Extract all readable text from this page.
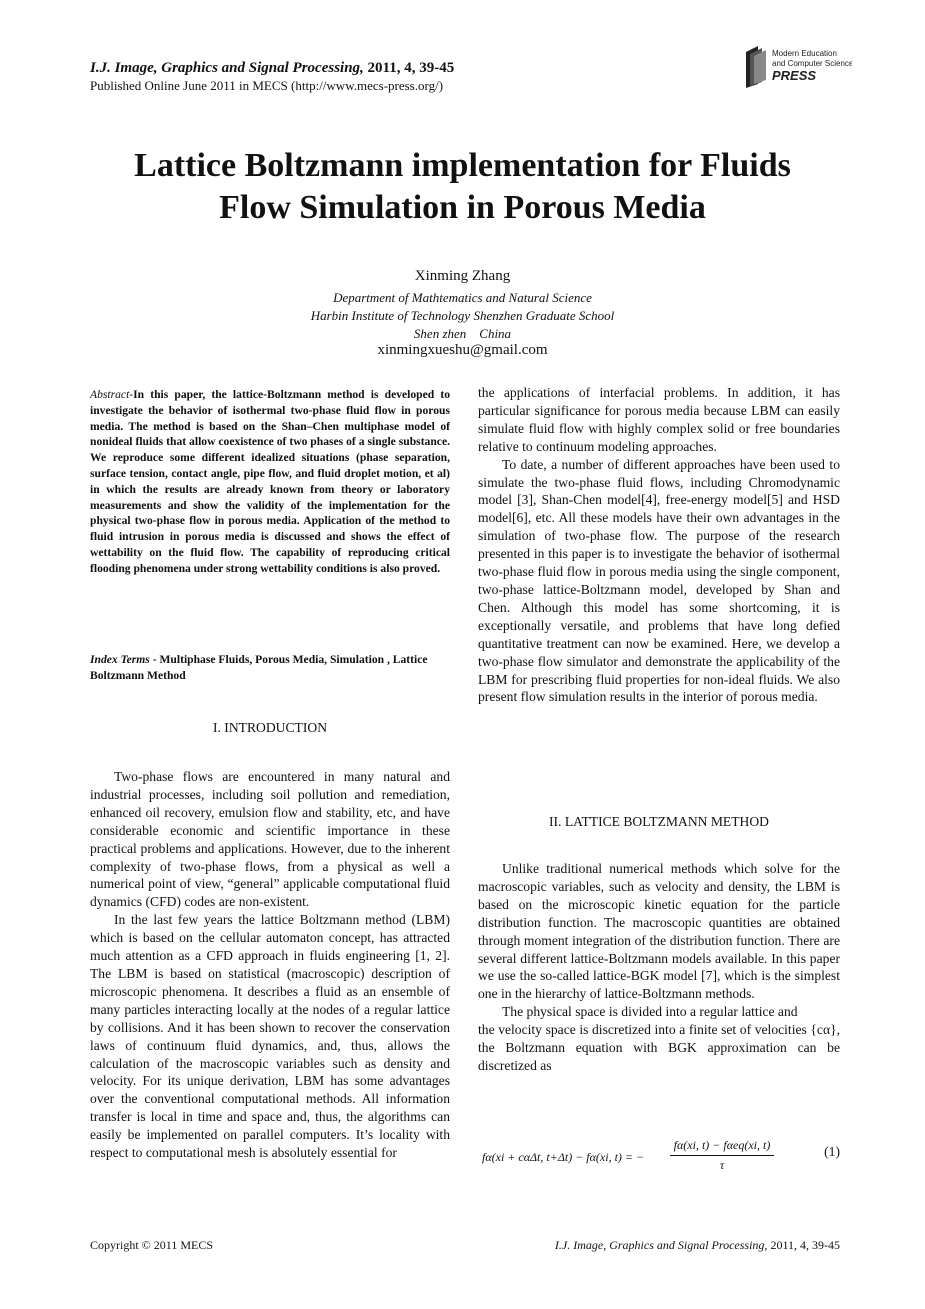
I.J. Image, Graphics and Signal Processing, 2011, 4, 39-45
Published Online June 2011 in MECS (http://www.mecs-press.org/)
Modern Education
and Computer Science
PRESS
Lattice Boltzmann implementation for Fluids
Flow Simulation in Porous Media
Xinming Zhang
Department of Mathtematics and Natural Science
Harbin Institute of Technology Shenzhen Graduate School
Shen zhen    China
xinmingxueshu@gmail.com
Abstract-In this paper, the lattice-Boltzmann method is developed to investigate the behavior of isothermal two-phase fluid flow in porous media. The method is based on the Shan–Chen multiphase model of nonideal fluids that allow coexistence of two phases of a single substance. We reproduce some different idealized situations (phase separation, surface tension, contact angle, pipe flow, and fluid droplet motion, et al) in which the results are already known from theory or laboratory measurements and show the validity of the implementation for the physical two-phase flow in porous media. Application of the method to fluid intrusion in porous media is discussed and shows the effect of wettability on the fluid flow. The capability of reproducing critical flooding phenomena under strong wettability conditions is also proved.
Index Terms - Multiphase Fluids, Porous Media, Simulation , Lattice Boltzmann Method
I. INTRODUCTION

Two-phase flows are encountered in many natural and industrial processes, including soil pollution and remediation, enhanced oil recovery, emulsion flow and stability, etc, and have considerable economic and scientific importance in these practical problems and applications. However, due to the inherent complexity of two-phase flows, from a physical as well a numerical point of view, “general” applicable computational fluid dynamics (CFD) codes are non-existent.

In the last few years the lattice Boltzmann method (LBM) which is based on the cellular automaton concept, has attracted much attention as a CFD approach in fluids engineering [1, 2]. The LBM is based on statistical (macroscopic) description of microscopic phenomena. It describes a fluid as an ensemble of many particles interacting locally at the nodes of a regular lattice by collisions. And it has been shown to recover the conservation laws of continuum fluid dynamics, and, thus, allows the calculation of the macroscopic variables such as density and velocity. For its unique derivation, LBM has some advantages over the conventional computational methods. All information transfer is local in time and space and, thus, the algorithms can easily be implemented on parallel computers. It’s locality with respect to computational mesh is absolutely essential for

the applications of interfacial problems. In addition, it has particular significance for porous media because LBM can easily simulate fluid flow with highly complex solid or free boundaries relative to continuum modeling approaches.

To date, a number of different approaches have been used to simulate the two-phase fluid flows, including Chromodynamic model [3], Shan-Chen model[4], free-energy model[5] and HSD model[6], etc. All these models have their own advantages in the simulation of two-phase flow. The purpose of the research presented in this paper is to investigate the behavior of isothermal two-phase fluid flow in porous media using the single component, two-phase lattice-Boltzmann model, developed by Shan and Chen. Although this model has some shortcoming, it is exceptionally versatile, and problems that have long defied quantitative treatment can now be examined. Here, we develop a two-phase flow simulator and demonstrate the applicability of the LBM for prescribing fluid properties for non-ideal fluids. We also present flow simulation results in the interior of porous media.

II. LATTICE BOLTZMANN METHOD

Unlike traditional numerical methods which solve for the macroscopic variables, such as velocity and density, the LBM is based on the microscopic kinetic equation for the particle distribution function. The macroscopic quantities are obtained through moment integration of the distribution function. There are several different lattice-Boltzmann models available. In this paper we use the so-called lattice-BGK model [7], which is the simplest one in the hierarchy of lattice-Boltzmann methods.

The physical space is divided into a regular lattice and

the velocity space is discretized into a finite set of velocities {cα}, the Boltzmann equation with BGK approximation can be discretized as

fα(xi + cαΔt, t+Δt) − fα(xi, t) = −
fα(xi, t) − fαeq(xi, t)
τ
(1)
Copyright © 2011 MECS	I.J. Image, Graphics and Signal Processing, 2011, 4, 39-45
